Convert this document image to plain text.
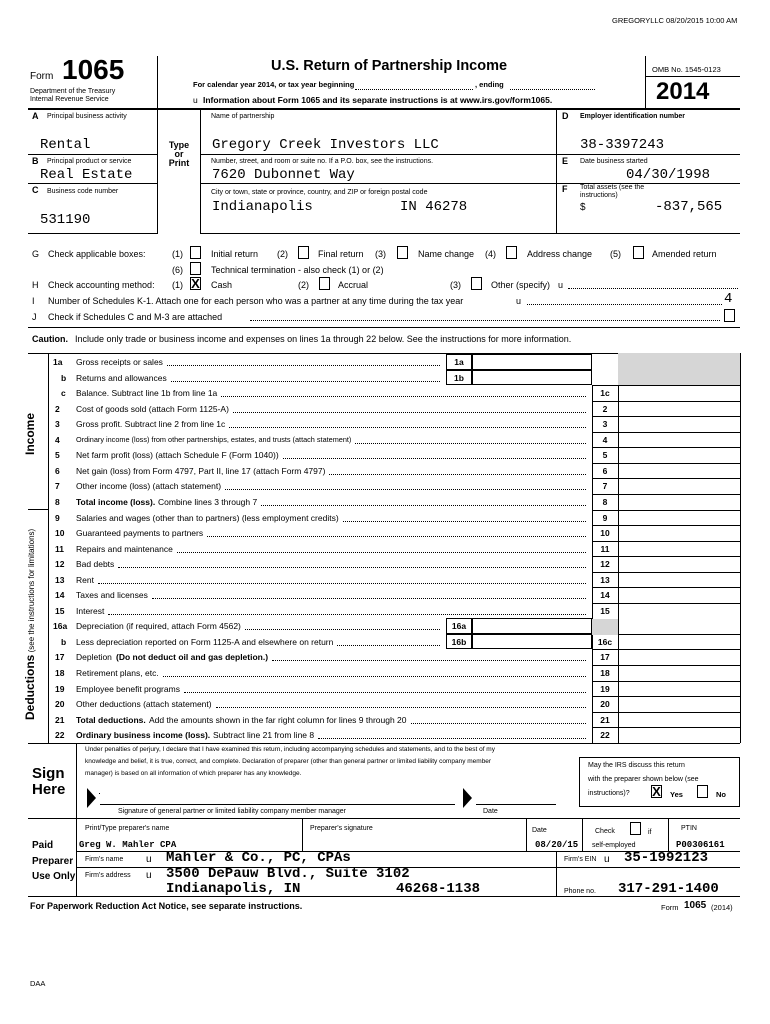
GREGORYLLC 08/20/2015 10:00 AM
Form 1065
Department of the Treasury
Internal Revenue Service
U.S. Return of Partnership Income
For calendar year 2014, or tax year beginning	, ending
u Information about Form 1065 and its separate instructions is at www.irs.gov/form1065.
OMB No. 1545-0123
2014
A Principal business activity
Rental
B Principal product or service
Real Estate
C Business code number
531190
Type
or
Print
Name of partnership
Gregory Creek Investors LLC
Number, street, and room or suite no. If a P.O. box, see the instructions.
7620 Dubonnet Way
City or town, state or province, country, and ZIP or foreign postal code
Indianapolis	IN 46278
D Employer identification number
38-3397243
E Date business started
04/30/1998
F Total assets (see the
instructions)
$	-837,565
G Check applicable boxes:	(1)	Initial return (2)	Final return (3)	Name change (4)	Address change (5)	Amended return
(6)	Technical termination - also check (1) or (2)
H Check accounting method: (1) X Cash	(2)	Accrual	(3)	Other (specify) u
I Number of Schedules K-1. Attach one for each person who was a partner at any time during the tax year	u	4
J Check if Schedules C and M-3 are attached
Caution. Include only trade or business income and expenses on lines 1a through 22 below. See the instructions for more information.
Income
Deductions (see the instructions for limitations)
1a Gross receipts or sales	1a
b Returns and allowances	1b
c Balance. Subtract line 1b from line 1a	1c
2 Cost of goods sold (attach Form 1125-A)	2
3 Gross profit. Subtract line 2 from line 1c	3
4 Ordinary income (loss) from other partnerships, estates, and trusts (attach statement)	4
5 Net farm profit (loss) (attach Schedule F (Form 1040))	5
6 Net gain (loss) from Form 4797, Part II, line 17 (attach Form 4797)	6
7 Other income (loss) (attach statement)	7
8 Total income (loss). Combine lines 3 through 7	8
9 Salaries and wages (other than to partners) (less employment credits)	9
10 Guaranteed payments to partners	10
11 Repairs and maintenance	11
12 Bad debts	12
13 Rent	13
14 Taxes and licenses	14
15 Interest	15
16a Depreciation (if required, attach Form 4562)	16a
b Less depreciation reported on Form 1125-A and elsewhere on return	16b	16c
17 Depletion (Do not deduct oil and gas depletion.)	17
18 Retirement plans, etc.	18
19 Employee benefit programs	19
20 Other deductions (attach statement)	20
21 Total deductions. Add the amounts shown in the far right column for lines 9 through 20	21
22 Ordinary business income (loss). Subtract line 21 from line 8	22
Sign
Here
Under penalties of perjury, I declare that I have examined this return, including accompanying schedules and statements, and to the best of my
knowledge and belief, it is true, correct, and complete. Declaration of preparer (other than general partner or limited liability company member
manager) is based on all information of which preparer has any knowledge.
Signature of general partner or limited liability company member manager	Date
May the IRS discuss this return
with the preparer shown below (see
instructions)? X Yes	No
Paid
Preparer
Use Only
Print/Type preparer's name
Greg W. Mahler CPA
Preparer's signature	Date
08/20/15
Check	if
self-employed
PTIN
P00306161
Firm's name u Mahler & Co., PC, CPAs	Firm's EIN u 35-1992123
Firm's address u 3500 DePauw Blvd., Suite 3102
Indianapolis, IN	46268-1138	Phone no. 317-291-1400
For Paperwork Reduction Act Notice, see separate instructions.	Form 1065 (2014)
DAA
